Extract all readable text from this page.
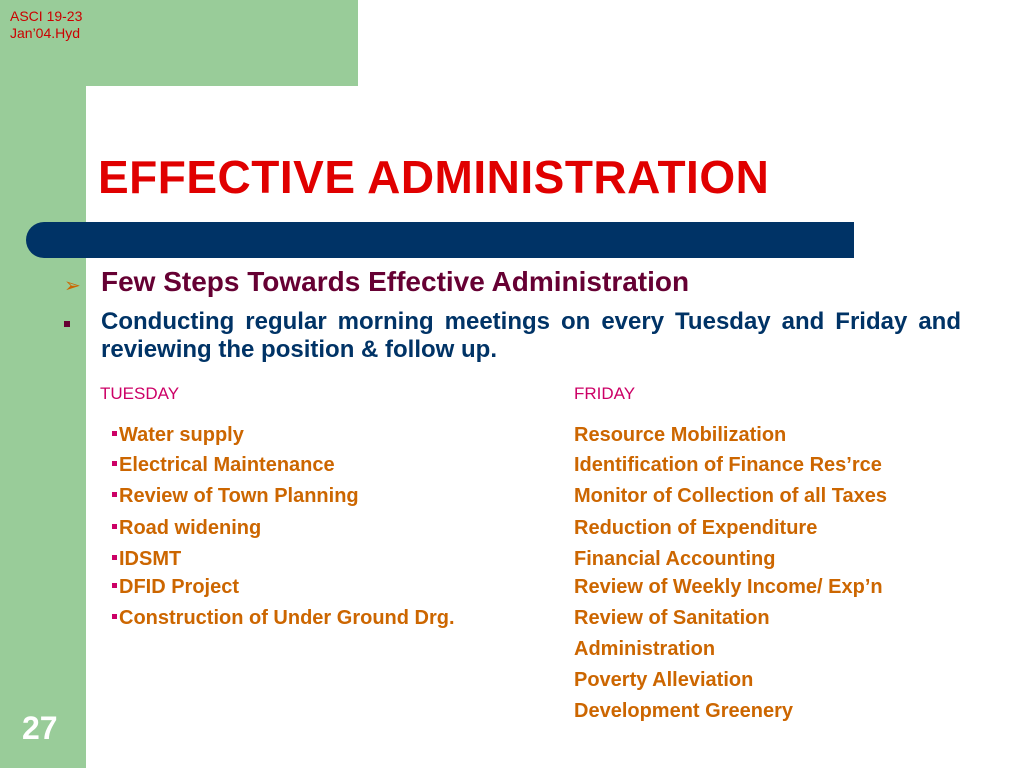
ASCI 19-23
Jan’04.Hyd
27
EFFECTIVE ADMINISTRATION
➢ Few Steps Towards Effective Administration
Conducting regular morning meetings on every Tuesday and Friday and reviewing the position & follow up.
TUESDAY	FRIDAY
Water supply
Electrical Maintenance
Review of Town Planning
Road widening
IDSMT
DFID Project
Construction of Under Ground Drg.
Resource Mobilization
Identification of Finance Res’rce
Monitor of Collection of all Taxes
Reduction of Expenditure
Financial Accounting
Review of Weekly Income/ Exp’n
Review of Sanitation
Administration
Poverty Alleviation
Development Greenery
